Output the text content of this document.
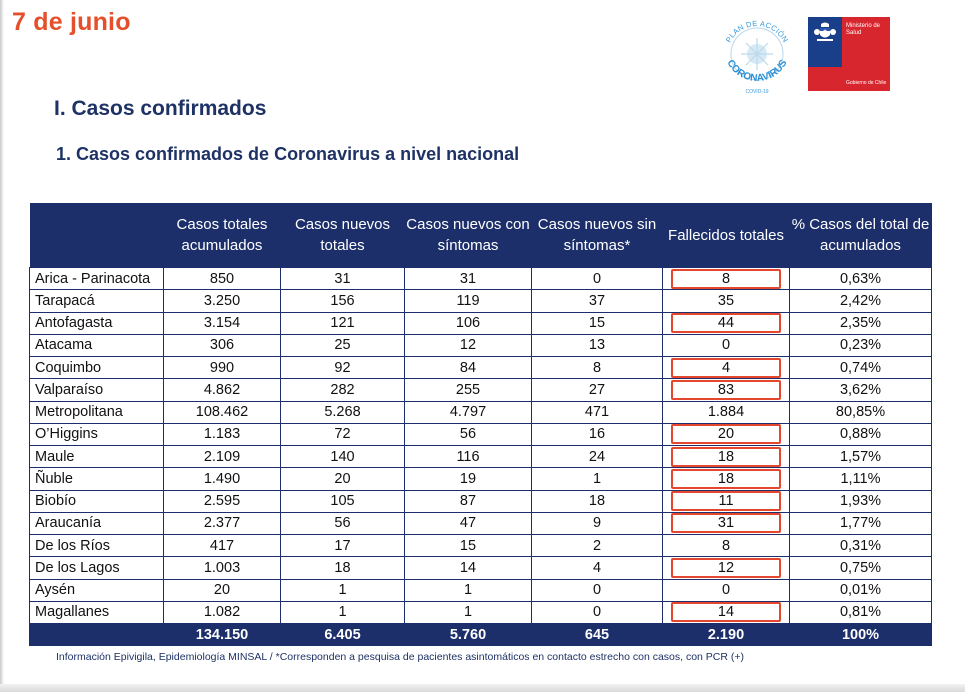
7 de junio
PLAN DE ACCIÓN
CORONAVIRUS
COVID-19
Ministerio de Salud
Gobierno de Chile
I. Casos confirmados
1. Casos confirmados de Coronavirus a nivel nacional
	Casos totales acumulados	Casos nuevos totales	Casos nuevos con síntomas	Casos nuevos sin síntomas*	Fallecidos totales	% Casos del total de acumulados
Arica - Parinacota	850	31	31	0	8	0,63%
Tarapacá	3.250	156	119	37	35	2,42%
Antofagasta	3.154	121	106	15	44	2,35%
Atacama	306	25	12	13	0	0,23%
Coquimbo	990	92	84	8	4	0,74%
Valparaíso	4.862	282	255	27	83	3,62%
Metropolitana	108.462	5.268	4.797	471	1.884	80,85%
O’Higgins	1.183	72	56	16	20	0,88%
Maule	2.109	140	116	24	18	1,57%
Ñuble	1.490	20	19	1	18	1,11%
Biobío	2.595	105	87	18	11	1,93%
Araucanía	2.377	56	47	9	31	1,77%
De los Ríos	417	17	15	2	8	0,31%
De los Lagos	1.003	18	14	4	12	0,75%
Aysén	20	1	1	0	0	0,01%
Magallanes	1.082	1	1	0	14	0,81%
	134.150	6.405	5.760	645	2.190	100%
Información Epivigila, Epidemiología MINSAL / *Corresponden a pesquisa de pacientes asintomáticos en contacto estrecho con casos, con PCR (+)
